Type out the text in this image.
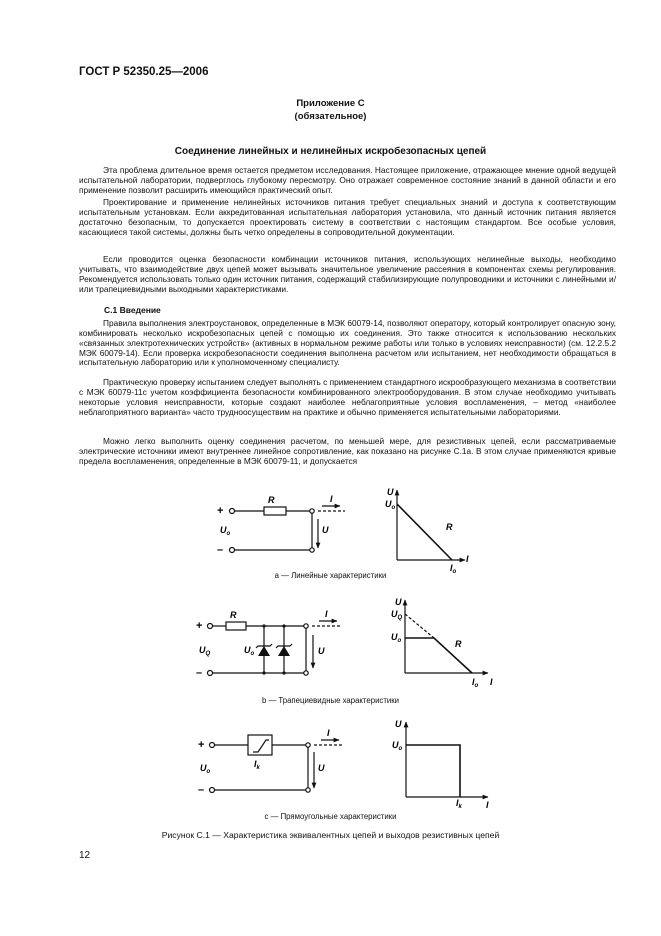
ГОСТ Р 52350.25—2006
Приложение С
(обязательное)
Соединение линейных и нелинейных искробезопасных цепей

Эта проблема длительное время остается предметом исследования. Настоящее приложение, отражающее мнение одной ведущей испытательной лаборатории, подверглось глубокому пересмотру. Оно отражает современное состояние знаний в данной области и его применение позволит расширить имеющийся практический опыт.

Проектирование и применение нелинейных источников питания требует специальных знаний и доступа к соответствующим испытательным установкам. Если аккредитованная испытательная лаборатория установила, что данный источник питания является достаточно безопасным, то допускается проектировать систему в соответствии с настоящим стандартом. Все особые условия, касающиеся такой системы, должны быть четко определены в сопроводительной документации.

Если проводится оценка безопасности комбинации источников питания, использующих нелинейные выходы, необходимо учитывать, что взаимодействие двух цепей может вызывать значительное увеличение рассеяния в компонентах схемы регулирования. Рекомендуется использовать только один источник питания, содержащий стабилизирующие полупроводники и источники с линейными и/или трапециевидными выходными характеристиками.

С.1 Введение

Правила выполнения электроустановок, определенные в МЭК 60079-14, позволяют оператору, который контролирует опасную зону, комбинировать несколько искробезопасных цепей с помощью их соединения. Это также относится к использованию нескольких «связанных электротехнических устройств» (активных в нормальном режиме работы или только в условиях неисправности) (см. 12.2.5.2 МЭК 60079-14). Если проверка искробезопасности соединения выполнена расчетом или испытанием, нет необходимости обращаться в испытательную лабораторию или к уполномоченному специалисту.

Практическую проверку испытанием следует выполнять с применением стандартного искрообразующего механизма в соответствии с МЭК 60079-11с учетом коэффициента безопасности комбинированного электрооборудования. В этом случае необходимо учитывать некоторые условия неисправности, которые создают наиболее неблагоприятные условия воспламенения, – метод «наиболее неблагоприятного варианта» часто трудноосуществим на практике и обычно применяется испытательными лабораториями.

Можно легко выполнить оценку соединения расчетом, по меньшей мере, для резистивных цепей, если рассматриваемые электрические источники имеют внутреннее линейное сопротивление, как показано на рисунке С.1а. В этом случае применяются кривые предела воспламенения, определенные в МЭК 60079-11, и допускается

+
–
R	I
U
$U_o$
U
$U_o$
R
$I_o$
I
+
–
R	I
U
$U_Q$	$U_o$
U
$U_Q$
$U_o$	R
$I_o$ I
+
–
I
U
$U_o$
$I_k$
U
$U_o$
$I_k$	I
а — Линейные характеристики
b — Трапециевидные характеристики
с — Прямоугольные характеристики
Рисунок С.1 — Характеристика эквивалентных цепей и выходов резистивных цепей
12
